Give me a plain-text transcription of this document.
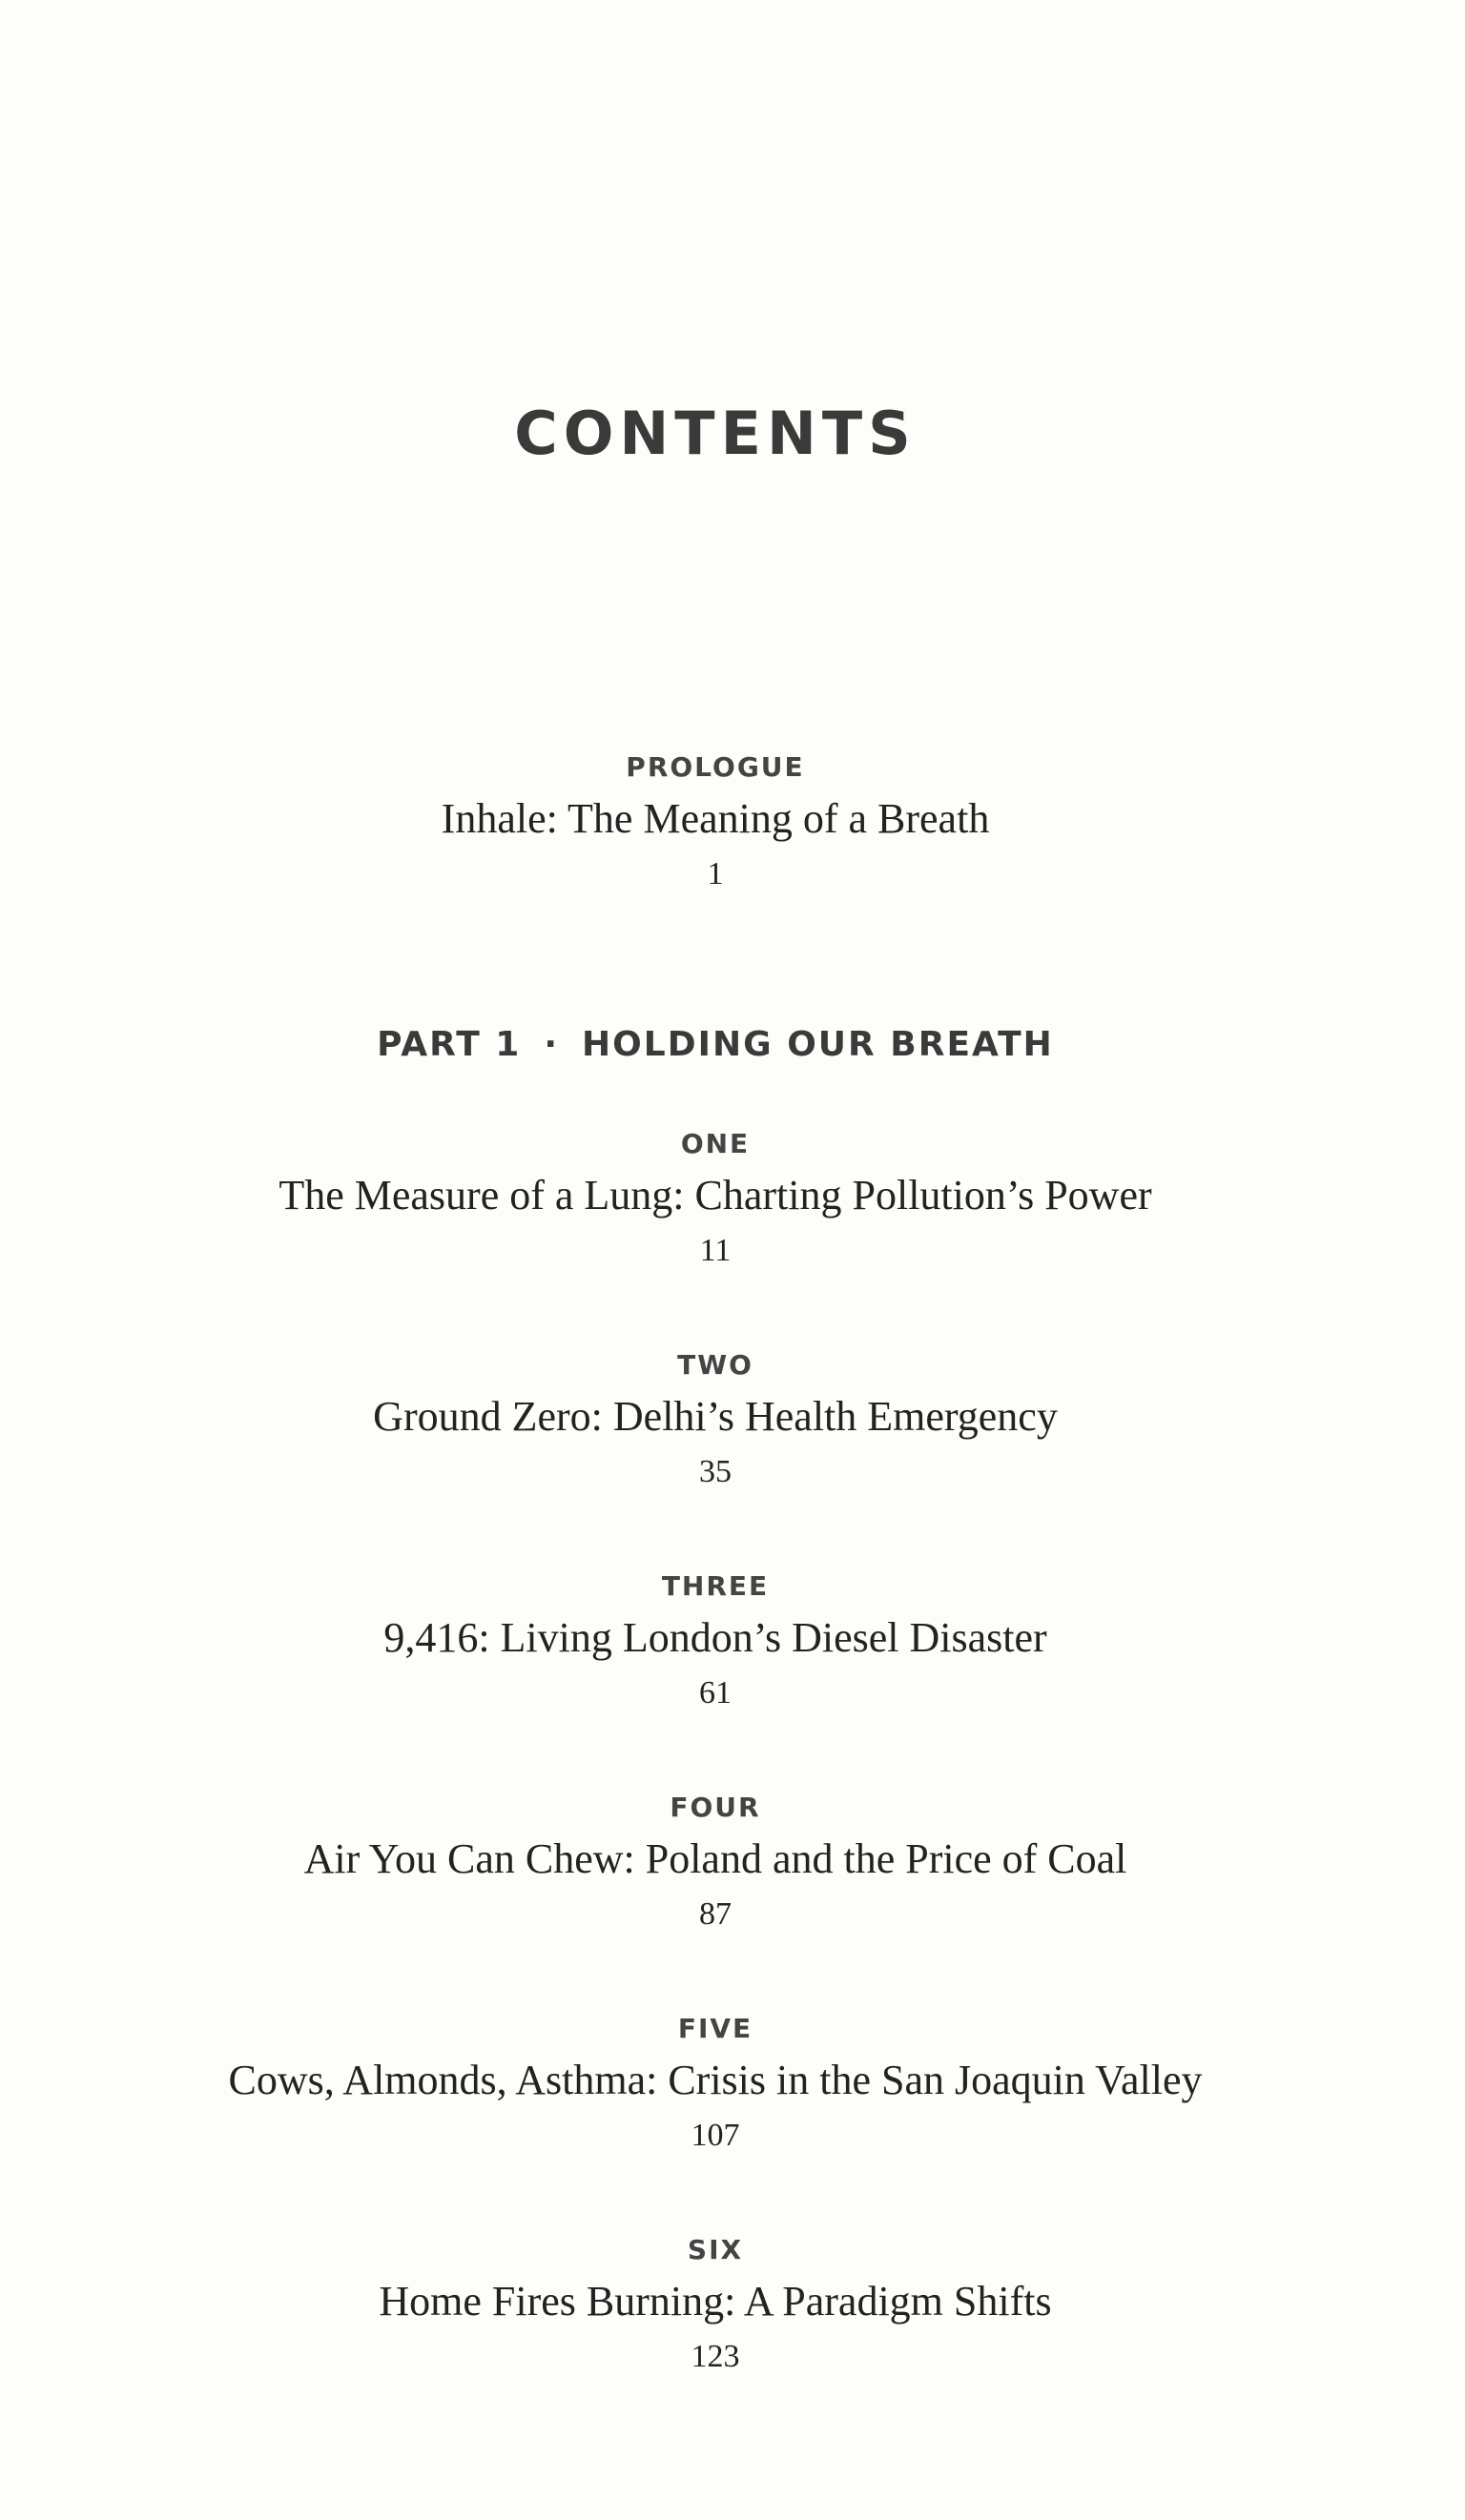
CONTENTS
PROLOGUE
Inhale: The Meaning of a Breath
1
PART 1 · HOLDING OUR BREATH
ONE
The Measure of a Lung: Charting Pollution’s Power
11
TWO
Ground Zero: Delhi’s Health Emergency
35
THREE
9,416: Living London’s Diesel Disaster
61
FOUR
Air You Can Chew: Poland and the Price of Coal
87
FIVE
Cows, Almonds, Asthma: Crisis in the San Joaquin Valley
107
SIX
Home Fires Burning: A Paradigm Shifts
123
